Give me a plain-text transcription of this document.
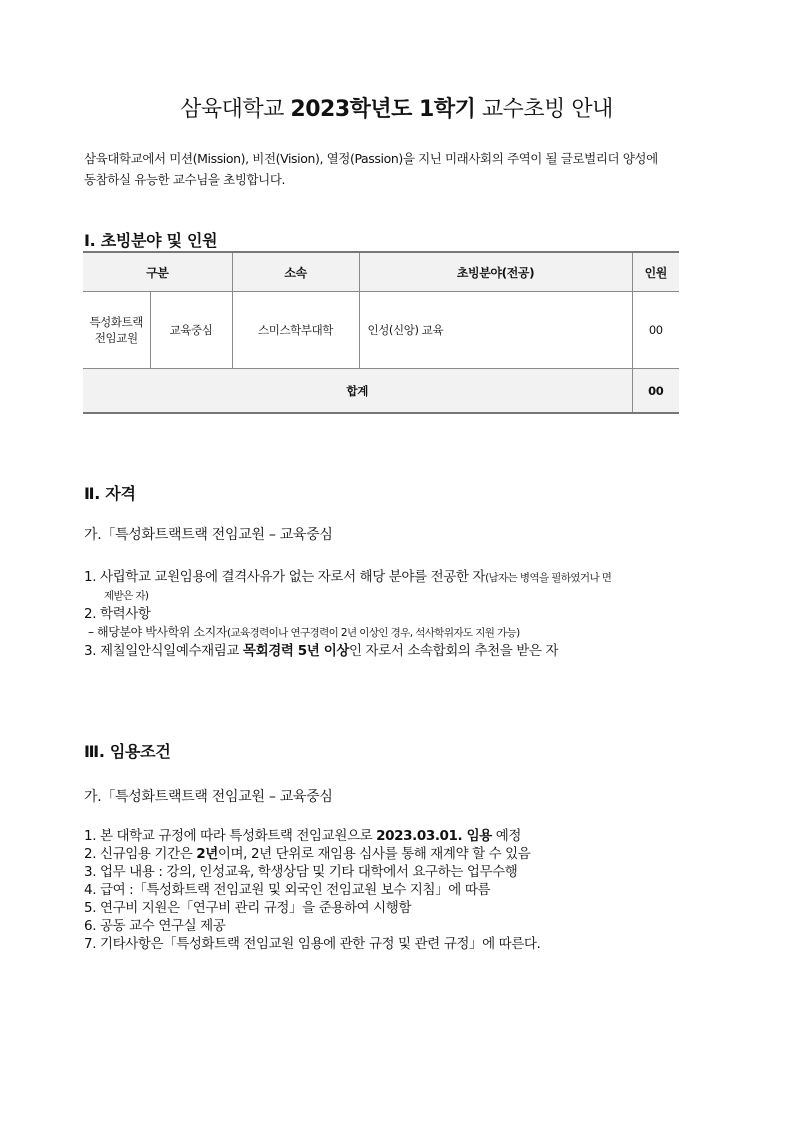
삼육대학교 2023학년도 1학기 교수초빙 안내
삼육대학교에서 미션(Mission), 비전(Vision), 열정(Passion)을 지닌 미래사회의 주역이 될 글로벌리더 양성에 동참하실 유능한 교수님을 초빙합니다.
Ⅰ. 초빙분야 및 인원
구분		소속	초빙분야(전공)	인원
특성화트랙
전임교원	교육중심	스미스학부대학	인성(신앙) 교육	00
합계				00
Ⅱ. 자격
가.「특성화트랙트랙 전임교원 – 교육중심
1. 사립학교 교원임용에 결격사유가 없는 자로서 해당 분야를 전공한 자(남자는 병역을 필하였거나 면
제받은 자)
2. 학력사항
– 해당분야 박사학위 소지자(교육경력이나 연구경력이 2년 이상인 경우, 석사학위자도 지원 가능)
3. 제칠일안식일예수재림교 목회경력 5년 이상인 자로서 소속합회의 추천을 받은 자
Ⅲ. 임용조건
가.「특성화트랙트랙 전임교원 – 교육중심
1. 본 대학교 규정에 따라 특성화트랙 전임교원으로 2023.03.01. 임용 예정
2. 신규임용 기간은 2년이며, 2년 단위로 재임용 심사를 통해 재계약 할 수 있음
3. 업무 내용 : 강의, 인성교육, 학생상담 및 기타 대학에서 요구하는 업무수행
4. 급여 :「특성화트랙 전임교원 및 외국인 전임교원 보수 지침」에 따름
5. 연구비 지원은「연구비 관리 규정」을 준용하여 시행함
6. 공동 교수 연구실 제공
7. 기타사항은「특성화트랙 전임교원 임용에 관한 규정 및 관련 규정」에 따른다.
